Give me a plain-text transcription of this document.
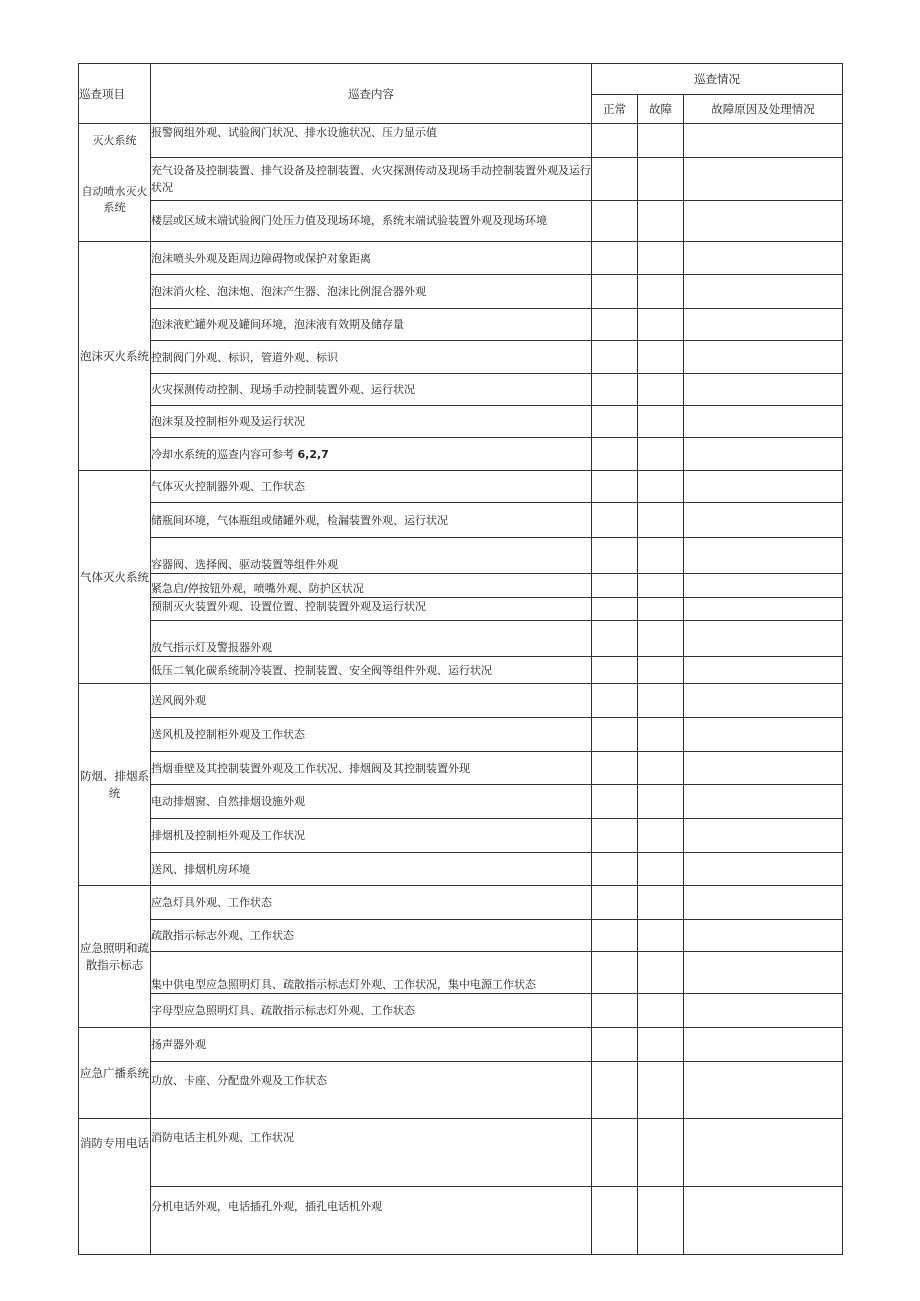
巡查项目	巡查内容	巡查情况		
		正常	故障	故障原因及处理情况

灭火系统
自动喷水灭火系统	报警阀组外观、试验阀门状况、排水设施状况、压力显示值			
	充气设备及控制装置、排气设备及控制装置、火灾探测传动及现场手动控制装置外观及运行状况			
	楼层或区域末端试验阀门处压力值及现场环境，系统末端试验装置外观及现场环境			
泡沫灭火系统	泡沫喷头外观及距周边障碍物或保护对象距离			
	泡沫消火栓、泡沫炮、泡沫产生器、泡沫比例混合器外观			
	泡沫液贮罐外观及罐间环境，泡沫液有效期及储存量			
	控制阀门外观、标识，管道外观、标识			
	火灾探测传动控制、现场手动控制装置外观、运行状况			
	泡沫泵及控制柜外观及运行状况			
	冷却水系统的巡查内容可参考 6,2,7			
气体灭火系统	气体灭火控制器外观、工作状态			
	储瓶间环境，气体瓶组或储罐外观，检漏装置外观、运行状况			
	容器阀、选择阀、驱动装置等组件外观			
	紧急启/停按钮外观，喷嘴外观、防护区状况			
	预制灭火装置外观、设置位置、控制装置外观及运行状况			
	放气指示灯及警报器外观			
	低压二氧化碳系统制冷装置、控制装置、安全阀等组件外观、运行状况			
防烟、排烟系统	送风阀外观			
	送风机及控制柜外观及工作状态			
	挡烟垂壁及其控制装置外观及工作状况、排烟阀及其控制装置外现			
	电动排烟窗、自然排烟设施外观			
	排烟机及控制柜外观及工作状况			
	送风、排烟机房环境			
应急照明和疏散指示标志	应急灯具外观、工作状态			
	疏散指示标志外观、工作状态			
	集中供电型应急照明灯具、疏散指示标志灯外观、工作状况，集中电源工作状态			
	字母型应急照明灯具、疏散指示标志灯外观、工作状态			
应急广播系统	扬声器外观			
	功放、卡座、分配盘外观及工作状态			
消防专用电话	消防电话主机外观、工作状况			
	分机电话外观，电话插孔外观，插孔电话机外观			
